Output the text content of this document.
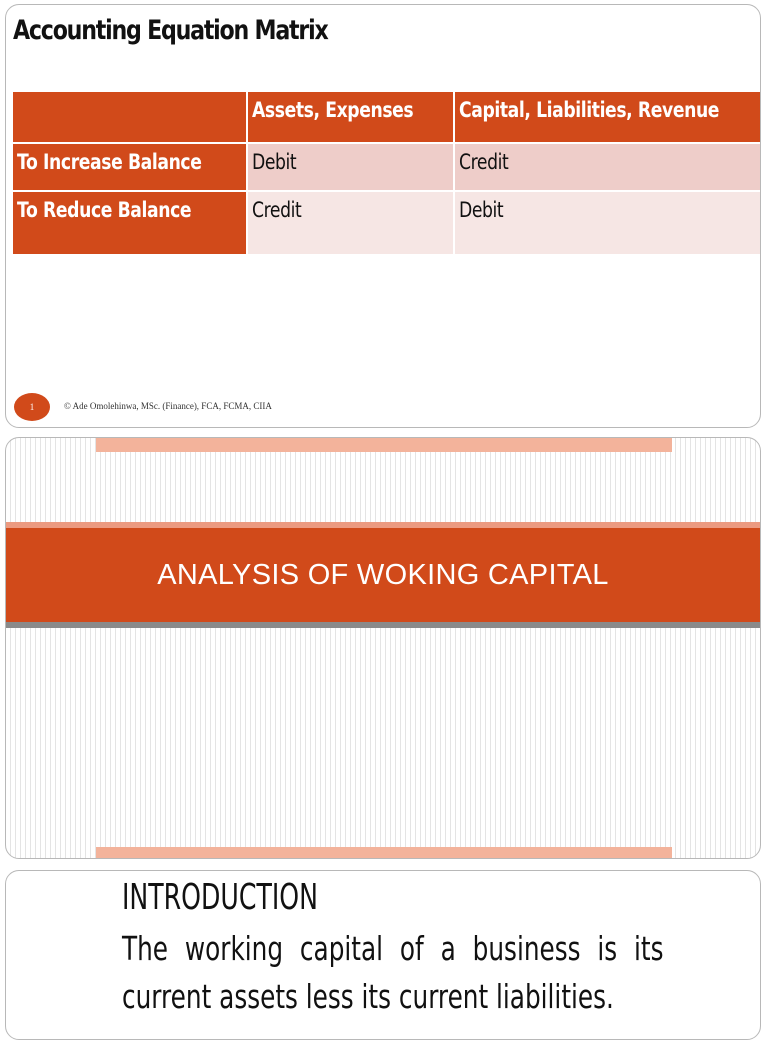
Accounting Equation Matrix
	Assets, Expenses	Capital, Liabilities, Revenue
To Increase Balance	Debit	Credit
To Reduce Balance	Credit	Debit
1	© Ade Omolehinwa, MSc. (Finance), FCA, FCMA, CIIA
ANALYSIS OF WOKING CAPITAL
INTRODUCTION
The working capital of a business is its
current assets less its current liabilities.
